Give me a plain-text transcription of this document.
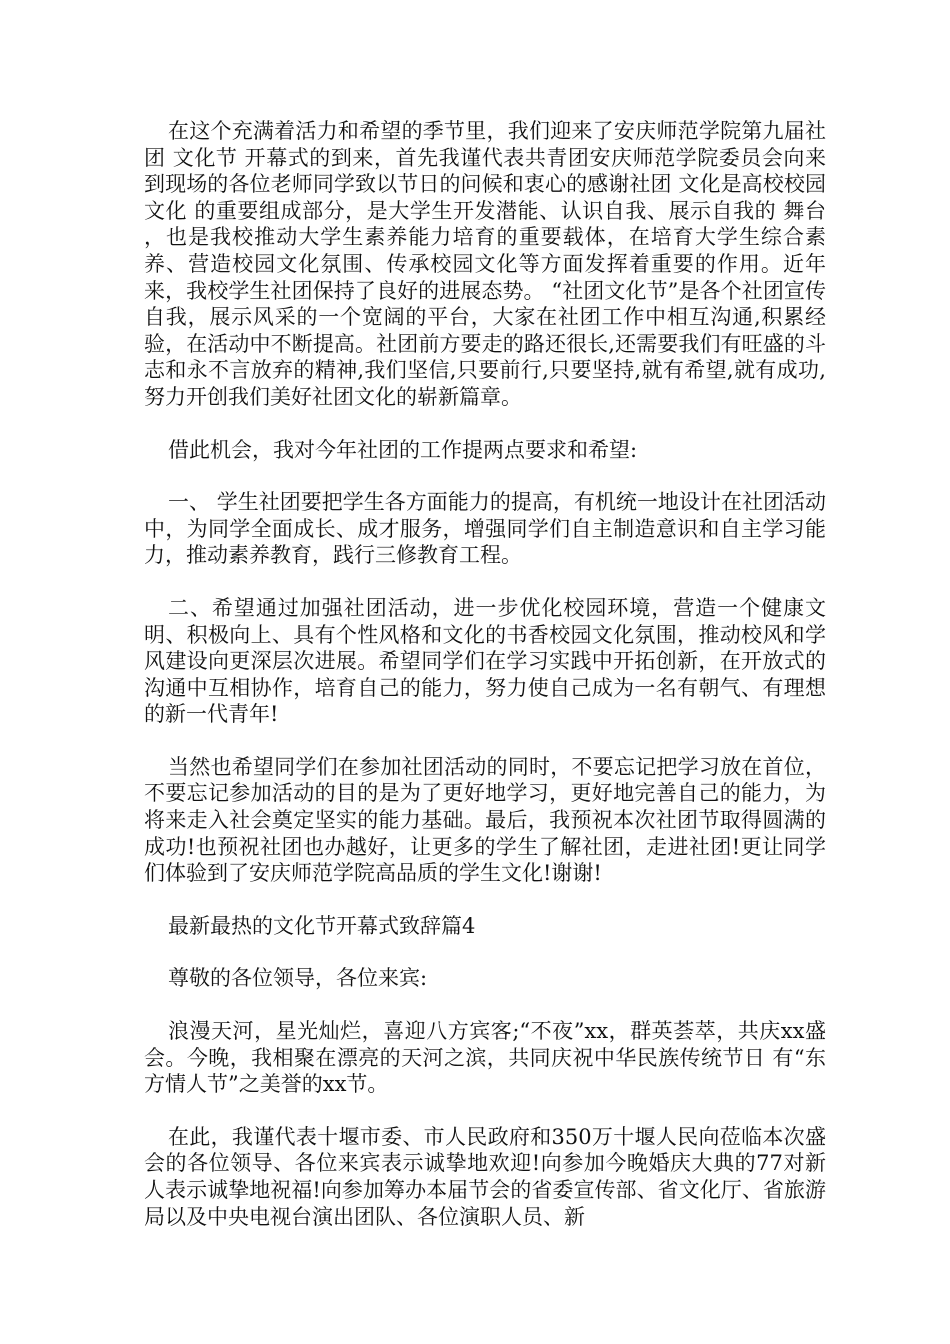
在这个充满着活力和希望的季节里，我们迎来了安庆师范学院第九届社团 文化节 开幕式的到来，首先我谨代表共青团安庆师范学院委员会向来到现场的各位老师同学致以节日的问候和衷心的感谢社团 文化是高校校园 文化 的重要组成部分，是大学生开发潜能、认识自我、展示自我的 舞台 ，也是我校推动大学生素养能力培育的重要载体，在培育大学生综合素养、营造校园文化氛围、传承校园文化等方面发挥着重要的作用。近年来，我校学生社团保持了良好的进展态势。 “社团文化节”是各个社团宣传自我，展示风采的一个宽阔的平台，大家在社团工作中相互沟通,积累经验，在活动中不断提高。社团前方要走的路还很长,还需要我们有旺盛的斗志和永不言放弃的精神,我们坚信,只要前行,只要坚持,就有希望,就有成功,努力开创我们美好社团文化的崭新篇章。

借此机会，我对今年社团的工作提两点要求和希望:

一、 学生社团要把学生各方面能力的提高，有机统一地设计在社团活动中，为同学全面成长、成才服务，增强同学们自主制造意识和自主学习能力，推动素养教育，践行三修教育工程。

二、希望通过加强社团活动，进一步优化校园环境，营造一个健康文明、积极向上、具有个性风格和文化的书香校园文化氛围，推动校风和学风建设向更深层次进展。希望同学们在学习实践中开拓创新，在开放式的沟通中互相协作，培育自己的能力，努力使自己成为一名有朝气、有理想的新一代青年!

当然也希望同学们在参加社团活动的同时，不要忘记把学习放在首位，不要忘记参加活动的目的是为了更好地学习，更好地完善自己的能力，为将来走入社会奠定坚实的能力基础。最后，我预祝本次社团节取得圆满的成功!也预祝社团也办越好，让更多的学生了解社团，走进社团!更让同学们体验到了安庆师范学院高品质的学生文化!谢谢!

最新最热的文化节开幕式致辞篇4

尊敬的各位领导，各位来宾:

浪漫天河，星光灿烂，喜迎八方宾客;“不夜”xx，群英荟萃，共庆xx盛会。今晚，我相聚在漂亮的天河之滨，共同庆祝中华民族传统节日 有“东方情人节”之美誉的xx节。

在此，我谨代表十堰市委、市人民政府和350万十堰人民向莅临本次盛会的各位领导、各位来宾表示诚挚地欢迎!向参加今晚婚庆大典的77对新人表示诚挚地祝福!向参加筹办本届节会的省委宣传部、省文化厅、省旅游局以及中央电视台演出团队、各位演职人员、新
